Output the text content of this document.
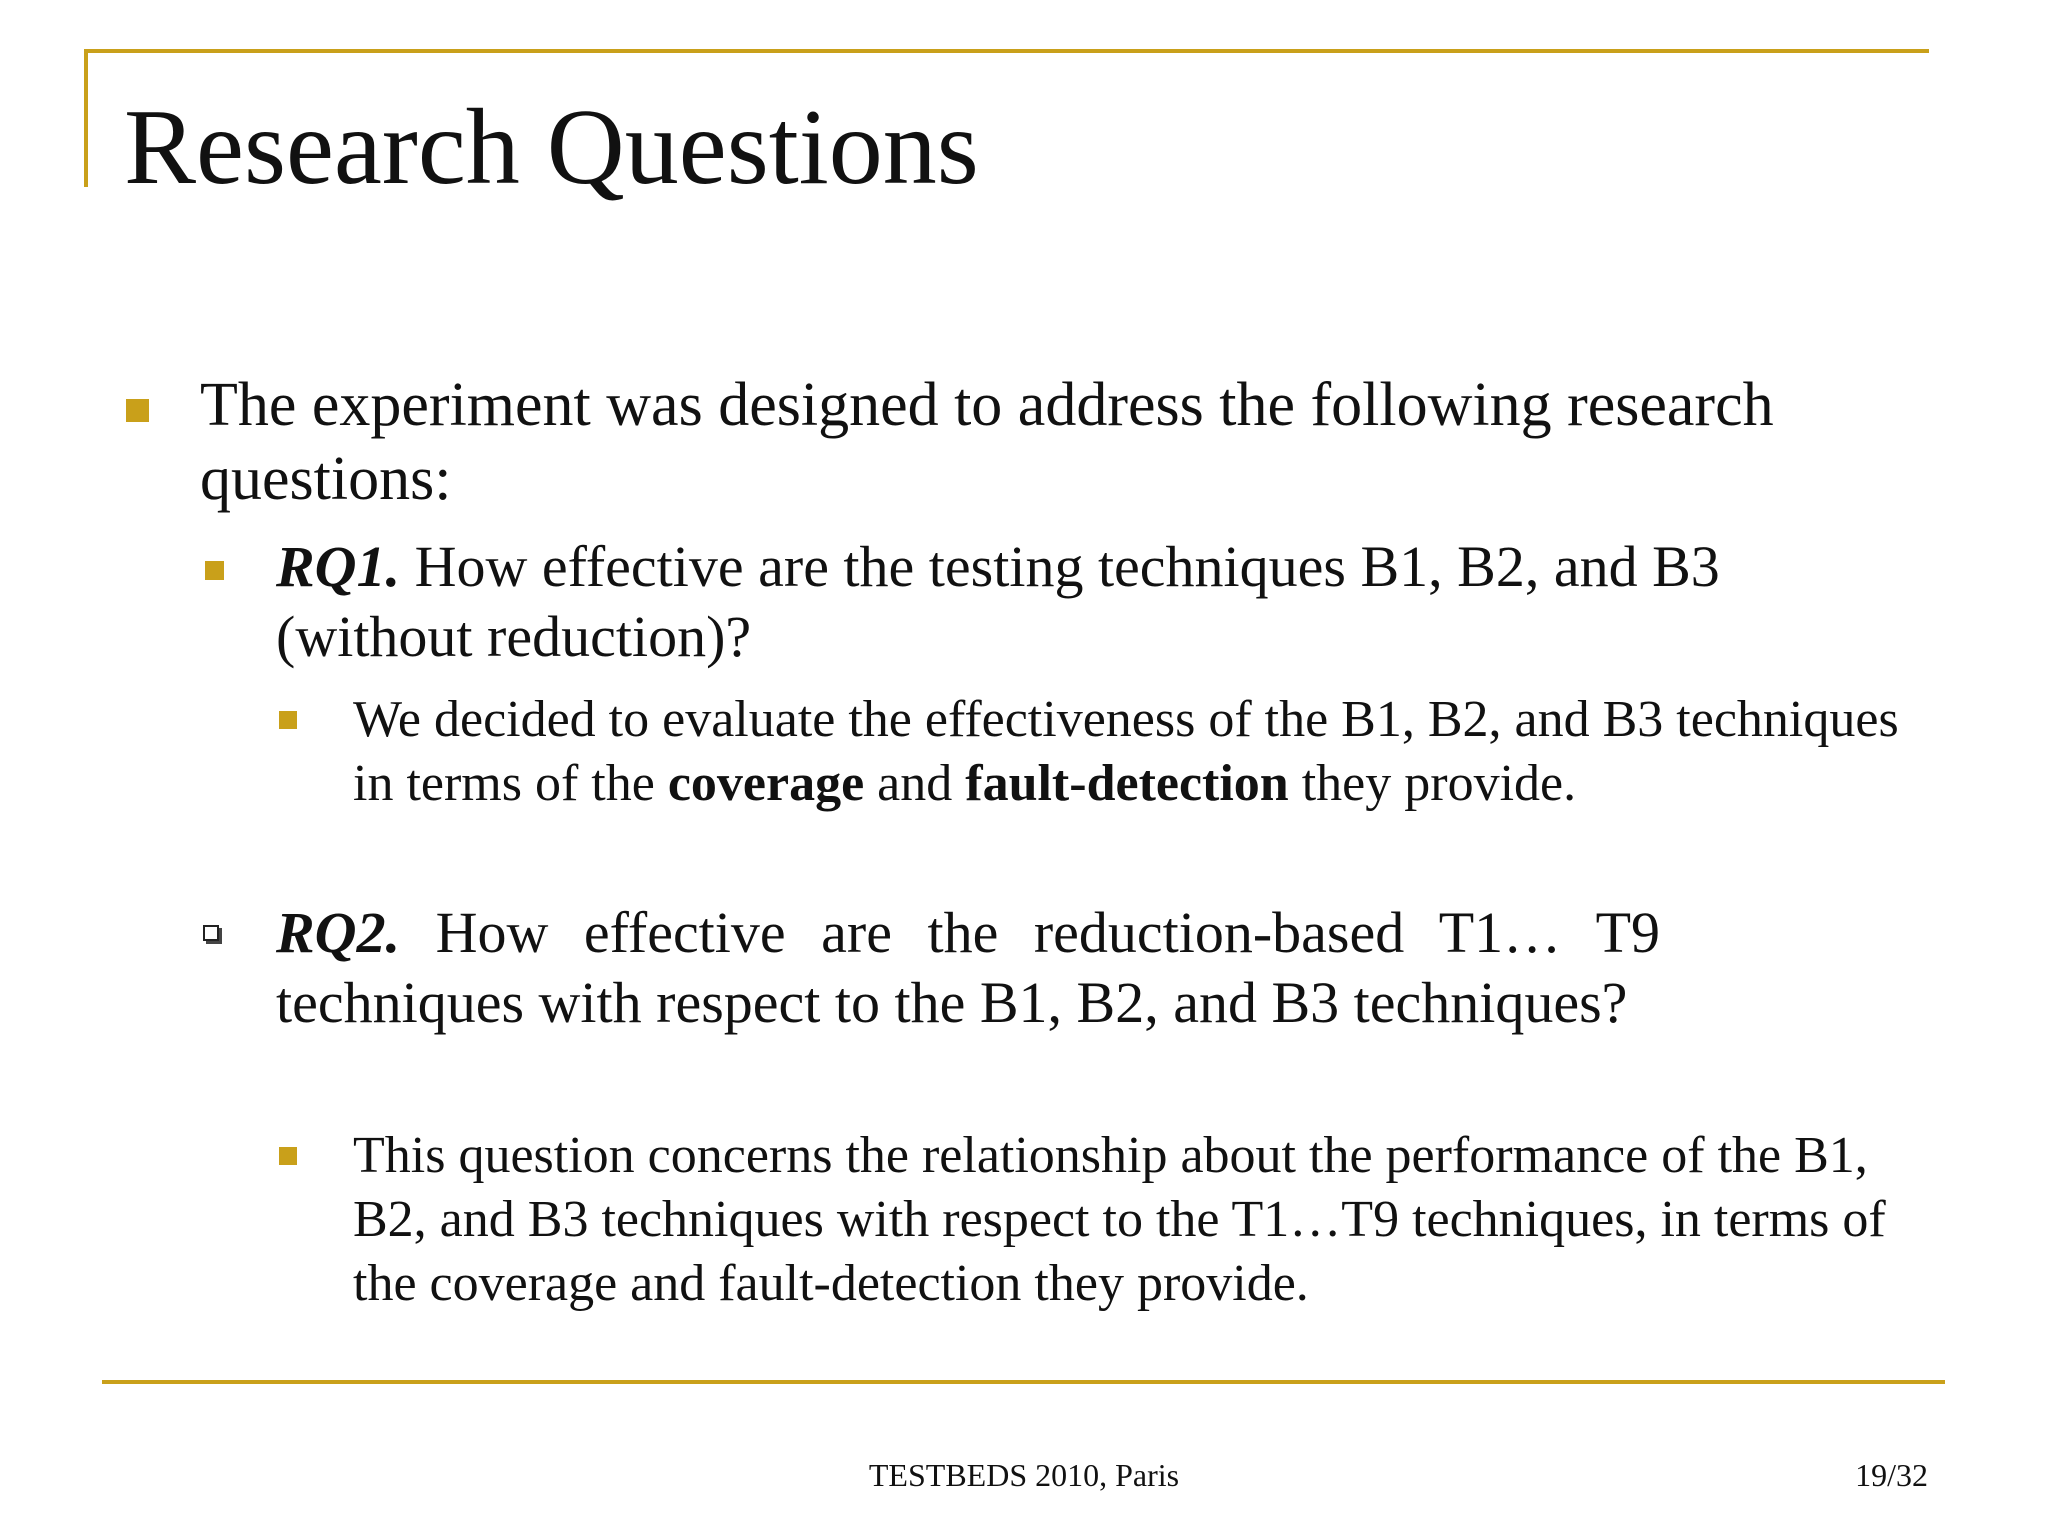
Research Questions

The experiment was designed to address the following research questions:

RQ1. How effective are the testing techniques B1, B2, and B3 (without reduction)?

We decided to evaluate the effectiveness of the B1, B2, and B3 techniques in terms of the coverage and fault-detection they provide.

RQ2. How effective are the reduction-based T1… T9 techniques with respect to the B1, B2, and B3 techniques?

This question concerns the relationship about the performance of the B1, B2, and B3 techniques with respect to the T1…T9 techniques, in terms of the coverage and fault-detection they provide.

TESTBEDS 2010, Paris	19/32
